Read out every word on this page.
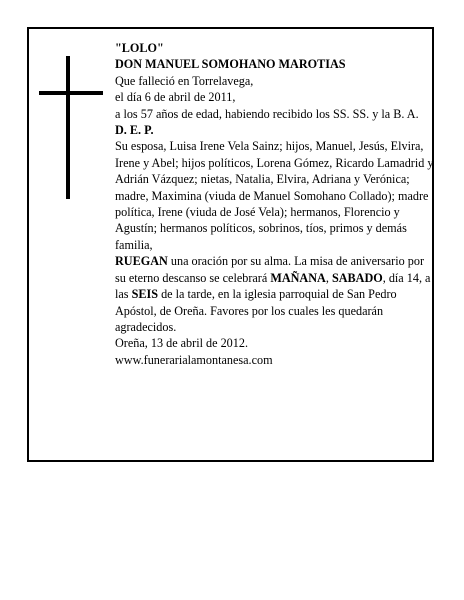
"LOLO"

DON MANUEL SOMOHANO MAROTIAS

Que falleció en Torrelavega,

el día 6 de abril de 2011,

a los 57 años de edad, habiendo recibido los SS. SS. y la B. A.

D. E. P.

Su esposa, Luisa Irene Vela Sainz; hijos, Manuel, Jesús, Elvira, Irene y Abel; hijos políticos, Lorena Gómez, Ricardo Lamadrid y Adrián Vázquez; nietas, Natalia, Elvira, Adriana y Verónica; madre, Maximina (viuda de Manuel Somohano Collado); madre política, Irene (viuda de José Vela); hermanos, Florencio y Agustín; hermanos políticos, sobrinos, tíos, primos y demás familia,

RUEGAN una oración por su alma. La misa de aniversario por su eterno descanso se celebrará MAÑANA, SABADO, día 14, a las SEIS de la tarde, en la iglesia parroquial de San Pedro Apóstol, de Oreña. Favores por los cuales les quedarán agradecidos.

Oreña, 13 de abril de 2012.

www.funerarialamontanesa.com
